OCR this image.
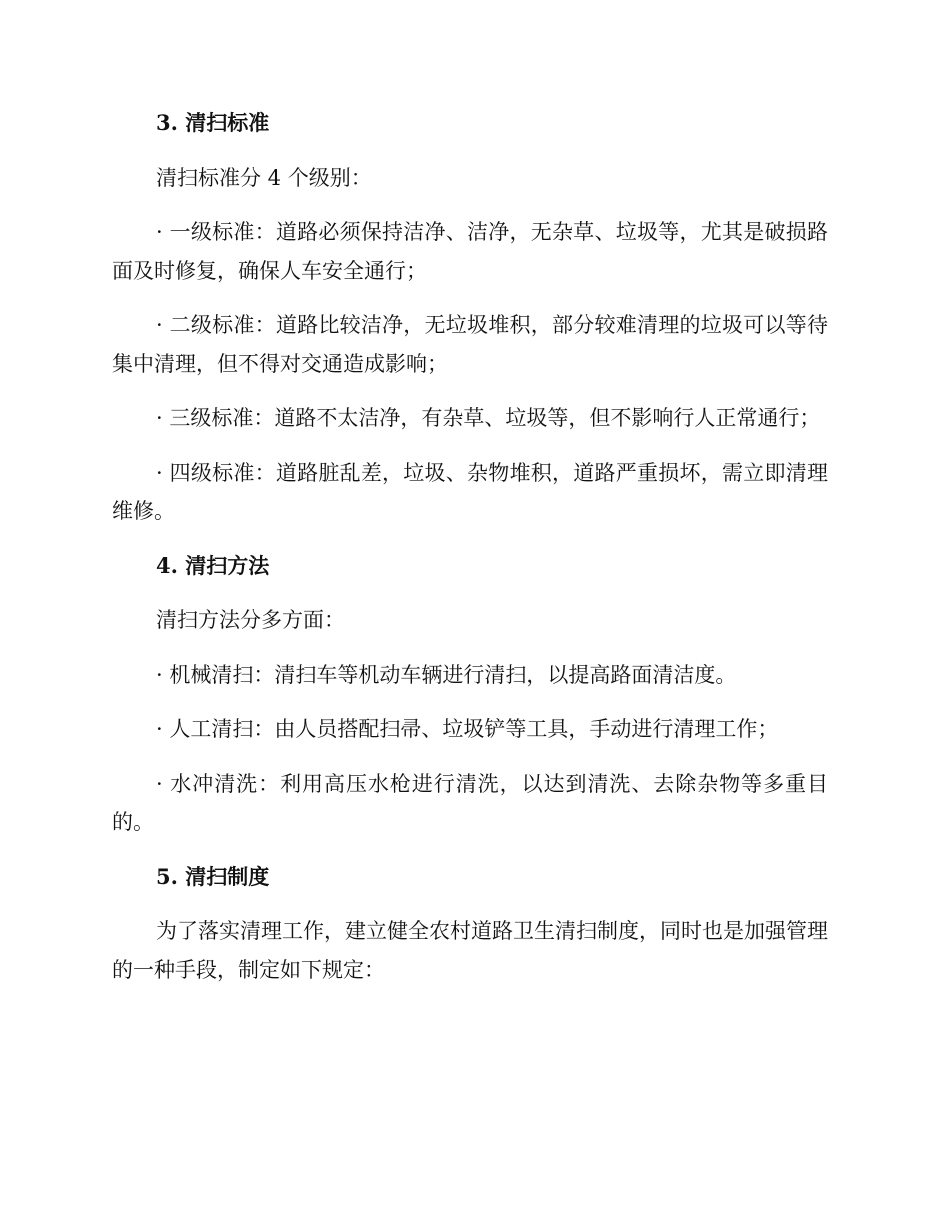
3. 清扫标准

清扫标准分 4 个级别：

· 一级标准：道路必须保持洁净、洁净，无杂草、垃圾等，尤其是破损路面及时修复，确保人车安全通行；

· 二级标准：道路比较洁净，无垃圾堆积，部分较难清理的垃圾可以等待集中清理，但不得对交通造成影响；

· 三级标准：道路不太洁净，有杂草、垃圾等，但不影响行人正常通行；

· 四级标准：道路脏乱差，垃圾、杂物堆积，道路严重损坏，需立即清理维修。

4. 清扫方法

清扫方法分多方面：

· 机械清扫：清扫车等机动车辆进行清扫，以提高路面清洁度。

· 人工清扫：由人员搭配扫帚、垃圾铲等工具，手动进行清理工作；

· 水冲清洗：利用高压水枪进行清洗，以达到清洗、去除杂物等多重目的。

5. 清扫制度

为了落实清理工作，建立健全农村道路卫生清扫制度，同时也是加强管理的一种手段，制定如下规定：
